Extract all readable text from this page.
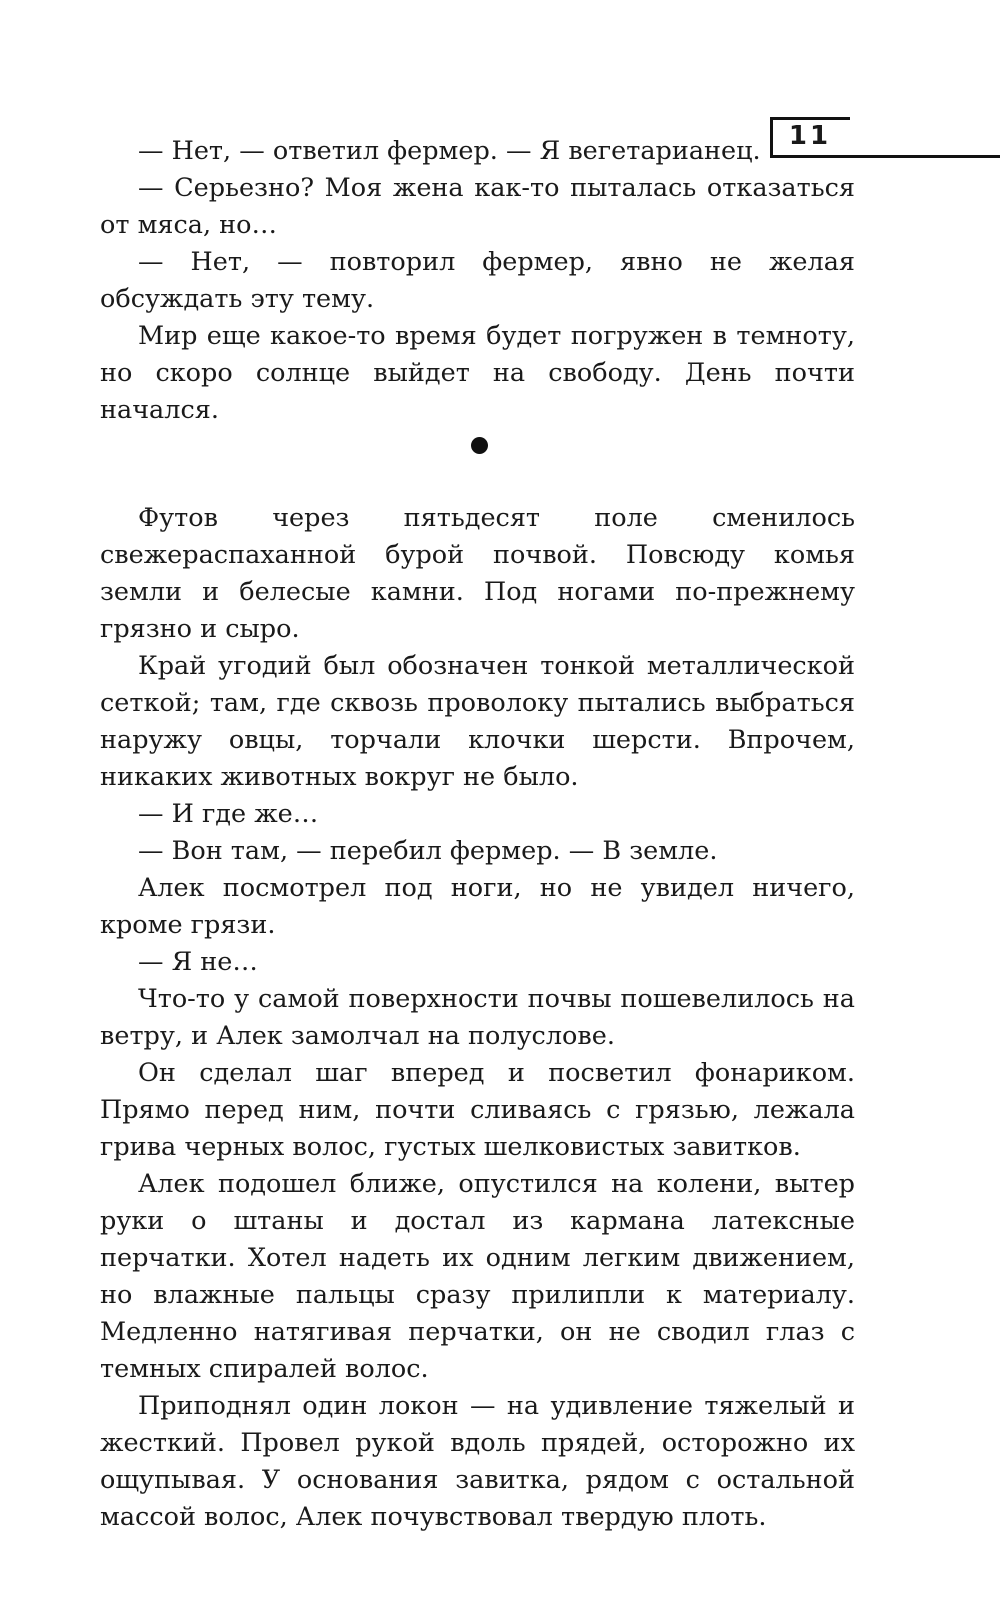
11

— Нет, — ответил фермер. — Я вегетарианец.

— Серьезно? Моя жена как-то пыталась отказаться от мяса, но…

— Нет, — повторил фермер, явно не желая обсуждать эту тему.

Мир еще какое-то время будет погружен в темноту, но скоро солнце выйдет на свободу. День почти начался.

Футов через пятьдесят поле сменилось свежераспаханной бурой почвой. Повсюду комья земли и белесые камни. Под ногами по-прежнему грязно и сыро.

Край угодий был обозначен тонкой металлической сеткой; там, где сквозь проволоку пытались выбраться наружу овцы, торчали клочки шерсти. Впрочем, никаких животных вокруг не было.

— И где же…

— Вон там, — перебил фермер. — В земле.

Алек посмотрел под ноги, но не увидел ничего, кроме грязи.

— Я не…

Что-то у самой поверхности почвы пошевелилось на ветру, и Алек замолчал на полуслове.

Он сделал шаг вперед и посветил фонариком. Прямо перед ним, почти сливаясь с грязью, лежала грива черных волос, густых шелковистых завитков.

Алек подошел ближе, опустился на колени, вытер руки о штаны и достал из кармана латексные перчатки. Хотел надеть их одним легким движением, но влажные пальцы сразу прилипли к материалу. Медленно натягивая перчатки, он не сводил глаз с темных спиралей волос.

Приподнял один локон — на удивление тяжелый и жесткий. Провел рукой вдоль прядей, осторожно их ощупывая. У основания завитка, рядом с остальной массой волос, Алек почувствовал твердую плоть.
